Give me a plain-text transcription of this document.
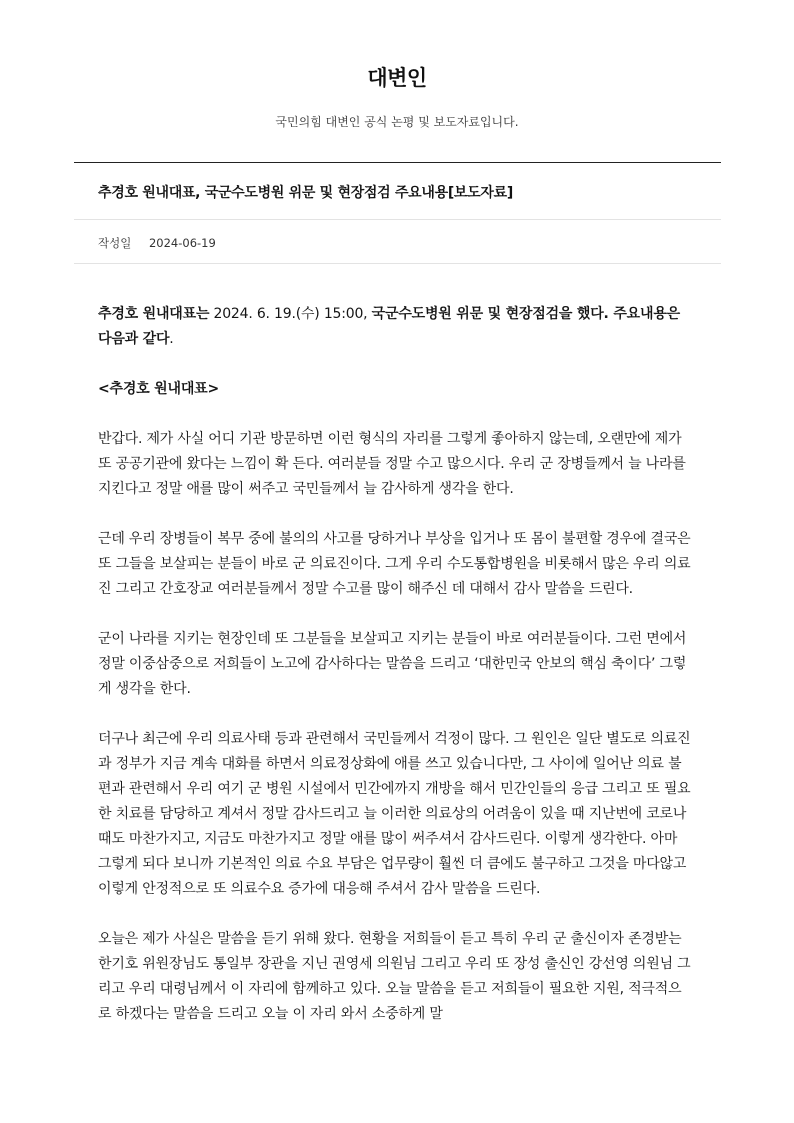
대변인
국민의힘 대변인 공식 논평 및 보도자료입니다.
추경호 원내대표, 국군수도병원 위문 및 현장점검 주요내용[보도자료]
작성일 2024-06-19

추경호 원내대표는 2024. 6. 19.(수) 15:00, 국군수도병원 위문 및 현장점검을 했다. 주요내용은 다음과 같다.

<추경호 원내대표>

반갑다. 제가 사실 어디 기관 방문하면 이런 형식의 자리를 그렇게 좋아하지 않는데, 오랜만에 제가 또 공공기관에 왔다는 느낌이 확 든다. 여러분들 정말 수고 많으시다. 우리 군 장병들께서 늘 나라를 지킨다고 정말 애를 많이 써주고 국민들께서 늘 감사하게 생각을 한다.

근데 우리 장병들이 복무 중에 불의의 사고를 당하거나 부상을 입거나 또 몸이 불편할 경우에 결국은 또 그들을 보살피는 분들이 바로 군 의료진이다. 그게 우리 수도통합병원을 비롯해서 많은 우리 의료진 그리고 간호장교 여러분들께서 정말 수고를 많이 해주신 데 대해서 감사 말씀을 드린다.

군이 나라를 지키는 현장인데 또 그분들을 보살피고 지키는 분들이 바로 여러분들이다. 그런 면에서 정말 이중삼중으로 저희들이 노고에 감사하다는 말씀을 드리고 ‘대한민국 안보의 핵심 축이다’ 그렇게 생각을 한다.

더구나 최근에 우리 의료사태 등과 관련해서 국민들께서 걱정이 많다. 그 원인은 일단 별도로 의료진과 정부가 지금 계속 대화를 하면서 의료정상화에 애를 쓰고 있습니다만, 그 사이에 일어난 의료 불편과 관련해서 우리 여기 군 병원 시설에서 민간에까지 개방을 해서 민간인들의 응급 그리고 또 필요한 치료를 담당하고 계셔서 정말 감사드리고 늘 이러한 의료상의 어려움이 있을 때 지난번에 코로나 때도 마찬가지고, 지금도 마찬가지고 정말 애를 많이 써주셔서 감사드린다. 이렇게 생각한다. 아마 그렇게 되다 보니까 기본적인 의료 수요 부담은 업무량이 훨씬 더 큼에도 불구하고 그것을 마다않고 이렇게 안정적으로 또 의료수요 증가에 대응해 주셔서 감사 말씀을 드린다.

오늘은 제가 사실은 말씀을 듣기 위해 왔다. 현황을 저희들이 듣고 특히 우리 군 출신이자 존경받는 한기호 위원장님도 통일부 장관을 지닌 권영세 의원님 그리고 우리 또 장성 출신인 강선영 의원님 그리고 우리 대령님께서 이 자리에 함께하고 있다. 오늘 말씀을 듣고 저희들이 필요한 지원, 적극적으로 하겠다는 말씀을 드리고 오늘 이 자리 와서 소중하게 말
